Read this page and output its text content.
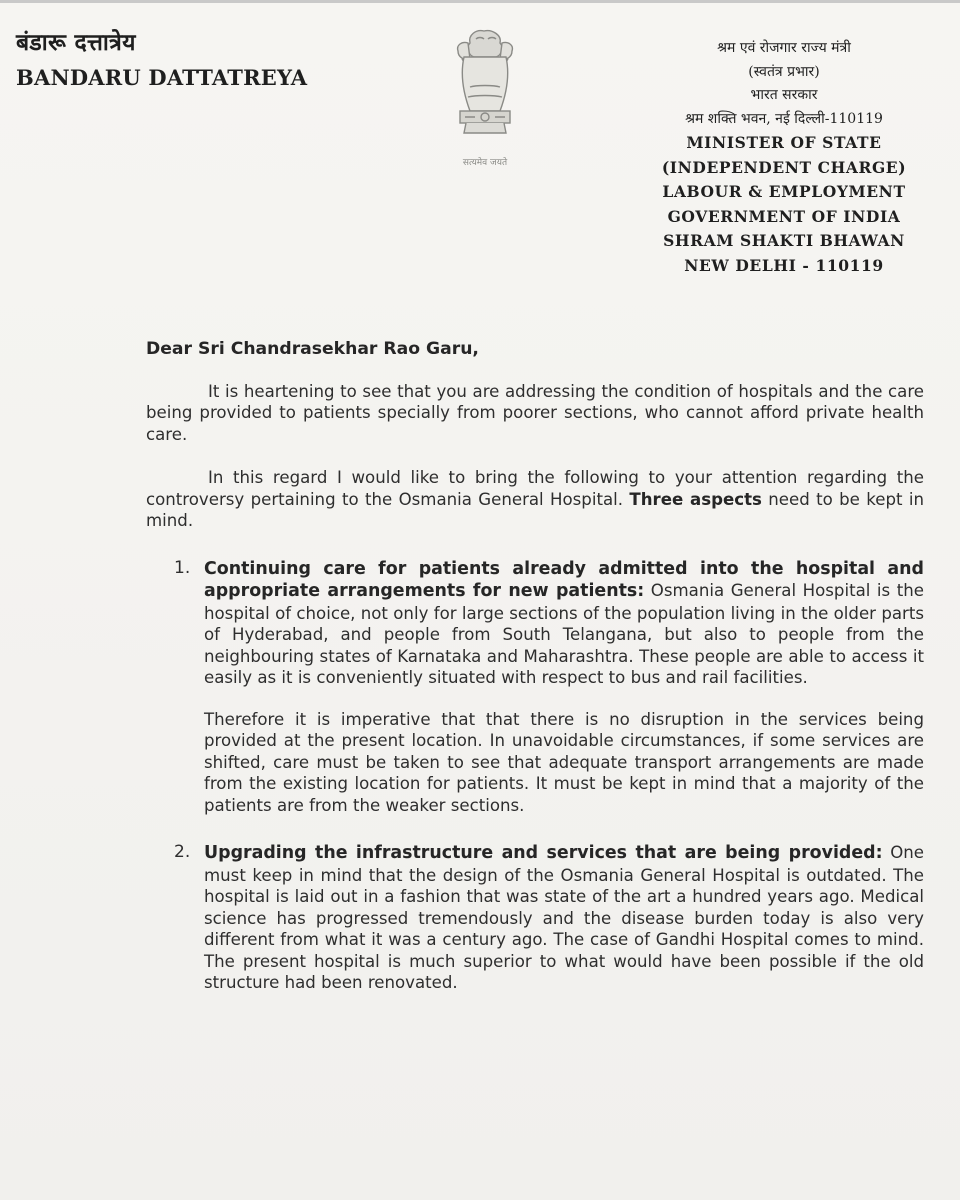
बंडारू दत्तात्रेय
BANDARU DATTATREYA
सत्यमेव जयते
श्रम एवं रोजगार राज्य मंत्री
(स्वतंत्र प्रभार)
भारत सरकार
श्रम शक्ति भवन, नई दिल्ली-110119
MINISTER OF STATE
(INDEPENDENT CHARGE)
LABOUR & EMPLOYMENT
GOVERNMENT OF INDIA
SHRAM SHAKTI BHAWAN
NEW DELHI - 110119

Dear Sri Chandrasekhar Rao Garu,

It is heartening to see that you are addressing the condition of hospitals and the care being provided to patients specially from poorer sections, who cannot afford private health care.

In this regard I would like to bring the following to your attention regarding the controversy pertaining to the Osmania General Hospital. Three aspects need to be kept in mind.

1. Continuing care for patients already admitted into the hospital and appropriate arrangements for new patients: Osmania General Hospital is the hospital of choice, not only for large sections of the population living in the older parts of Hyderabad, and people from South Telangana, but also to people from the neighbouring states of Karnataka and Maharashtra. These people are able to access it easily as it is conveniently situated with respect to bus and rail facilities.

Therefore it is imperative that that there is no disruption in the services being provided at the present location. In unavoidable circumstances, if some services are shifted, care must be taken to see that adequate transport arrangements are made from the existing location for patients. It must be kept in mind that a majority of the patients are from the weaker sections.

2. Upgrading the infrastructure and services that are being provided: One must keep in mind that the design of the Osmania General Hospital is outdated. The hospital is laid out in a fashion that was state of the art a hundred years ago. Medical science has progressed tremendously and the disease burden today is also very different from what it was a century ago. The case of Gandhi Hospital comes to mind. The present hospital is much superior to what would have been possible if the old structure had been renovated.
